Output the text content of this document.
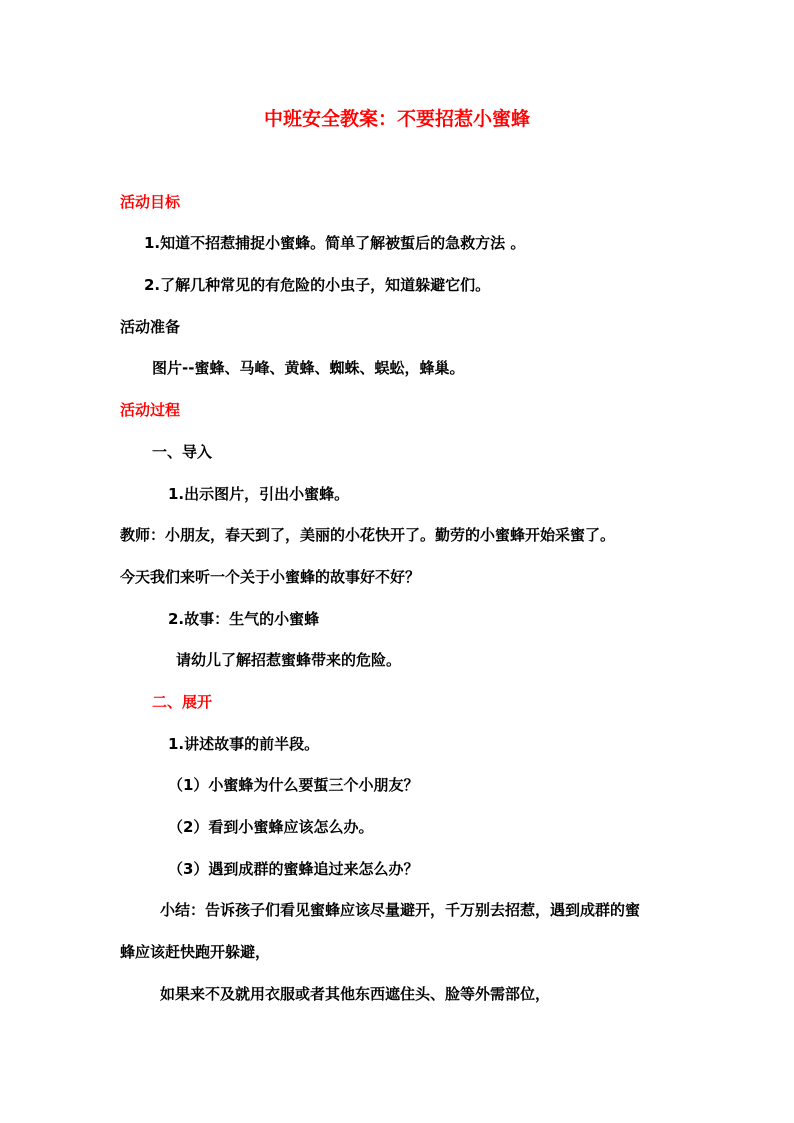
中班安全教案：不要招惹小蜜蜂
活动目标
1.知道不招惹捕捉小蜜蜂。简单了解被蜇后的急救方法 。
2.了解几种常见的有危险的小虫子，知道躲避它们。
活动准备
图片--蜜蜂、马峰、黄蜂、蜘蛛、蜈蚣，蜂巢。
活动过程
一、导入
1.出示图片，引出小蜜蜂。
教师：小朋友，春天到了，美丽的小花快开了。勤劳的小蜜蜂开始采蜜了。
今天我们来听一个关于小蜜蜂的故事好不好？
2.故事：生气的小蜜蜂
请幼儿了解招惹蜜蜂带来的危险。
二、展开
1.讲述故事的前半段。
（1）小蜜蜂为什么要蜇三个小朋友？
（2）看到小蜜蜂应该怎么办。
（3）遇到成群的蜜蜂追过来怎么办？
小结：告诉孩子们看见蜜蜂应该尽量避开，千万别去招惹，遇到成群的蜜
蜂应该赶快跑开躲避，
如果来不及就用衣服或者其他东西遮住头、脸等外需部位，
